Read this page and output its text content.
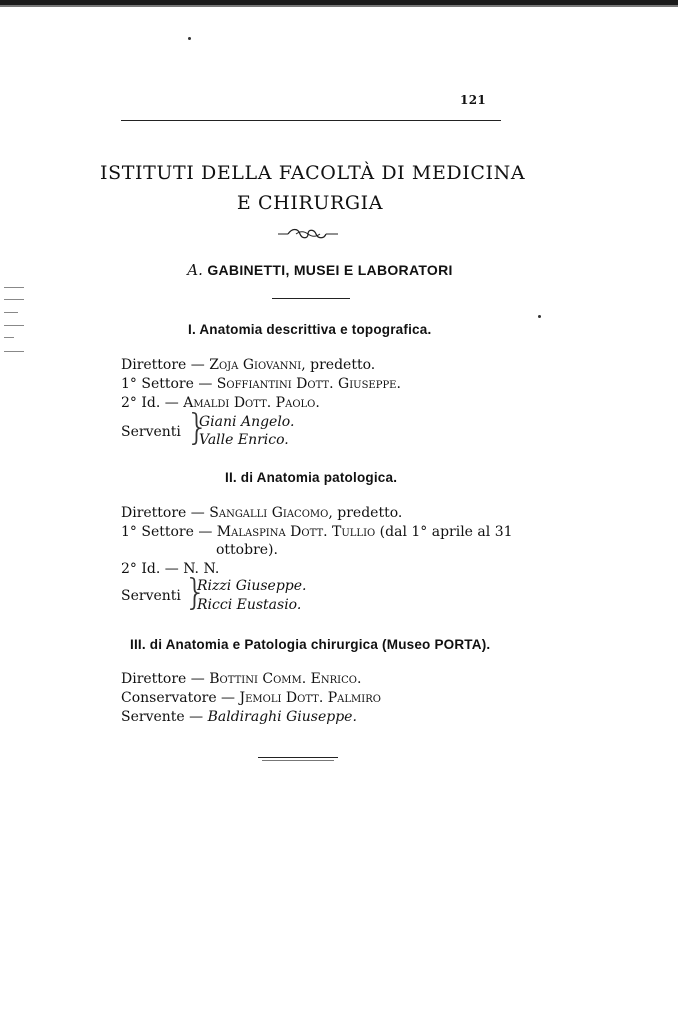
121
ISTITUTI DELLA FACOLTÀ DI MEDICINA
E CHIRURGIA
A. GABINETTI, MUSEI E LABORATORI
I. Anatomia descrittiva e topografica.
Direttore — Zoja Giovanni, predetto.
1° Settore — Soffiantini Dott. Giuseppe.
2° Id. — Amaldi Dott. Paolo.
Serventi }
Giani Angelo.
Valle Enrico.
II. di Anatomia patologica.
Direttore — Sangalli Giacomo, predetto.
1° Settore — Malaspina Dott. Tullio (dal 1° aprile al 31
ottobre).
2° Id. — N. N.
Serventi }
Rizzi Giuseppe.
Ricci Eustasio.
III. di Anatomia e Patologia chirurgica (Museo PORTA).
Direttore — Bottini Comm. Enrico.
Conservatore — Jemoli Dott. Palmiro
Servente — Baldiraghi Giuseppe.
